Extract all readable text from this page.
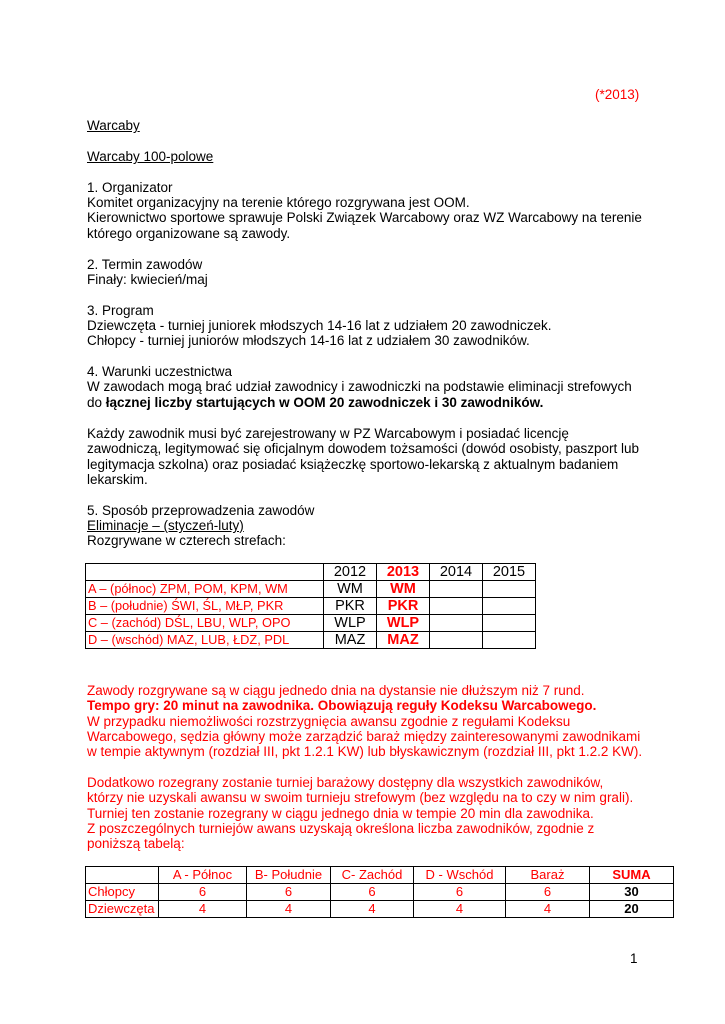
(*2013)
Warcaby
Warcaby 100-polowe
1. Organizator
Komitet organizacyjny na terenie którego rozgrywana jest OOM.
Kierownictwo sportowe sprawuje Polski Związek Warcabowy oraz WZ Warcabowy na terenie
którego organizowane są zawody.
2. Termin zawodów
Finały: kwiecień/maj
3. Program
Dziewczęta - turniej juniorek młodszych 14-16 lat z udziałem 20 zawodniczek.
Chłopcy - turniej juniorów młodszych 14-16 lat z udziałem 30 zawodników.
4. Warunki uczestnictwa
W zawodach mogą brać udział zawodnicy i zawodniczki na podstawie eliminacji strefowych
do łącznej liczby startujących w OOM 20 zawodniczek i 30 zawodników.
Każdy zawodnik musi być zarejestrowany w PZ Warcabowym i posiadać licencję
zawodniczą, legitymować się oficjalnym dowodem tożsamości (dowód osobisty, paszport lub
legitymacja szkolna) oraz posiadać książeczkę sportowo-lekarską z aktualnym badaniem
lekarskim.
5. Sposób przeprowadzenia zawodów
Eliminacje – (styczeń-luty)
Rozgrywane w czterech strefach:
	2012	2013	2014	2015
A – (północ) ZPM, POM, KPM, WM	WM	WM		
B – (południe) ŚWI, ŚL, MŁP, PKR	PKR	PKR		
C – (zachód) DŚL, LBU, WLP, OPO	WLP	WLP		
D – (wschód) MAZ, LUB, ŁDZ, PDL	MAZ	MAZ		
Zawody rozgrywane są w ciągu jednedo dnia na dystansie nie dłuższym niż 7 rund.
Tempo gry: 20 minut na zawodnika. Obowiązują reguły Kodeksu Warcabowego.
W przypadku niemożliwości rozstrzygnięcia awansu zgodnie z regułami Kodeksu
Warcabowego, sędzia główny może zarządzić baraż między zainteresowanymi zawodnikami
w tempie aktywnym (rozdział III, pkt 1.2.1 KW) lub błyskawicznym (rozdział III, pkt 1.2.2 KW).
Dodatkowo rozegrany zostanie turniej barażowy dostępny dla wszystkich zawodników,
którzy nie uzyskali awansu w swoim turnieju strefowym (bez względu na to czy w nim grali).
Turniej ten zostanie rozegrany w ciągu jednego dnia w tempie 20 min dla zawodnika.
Z poszczególnych turniejów awans uzyskają określona liczba zawodników, zgodnie z
poniższą tabelą:
	A - Północ	B- Południe	C- Zachód	D - Wschód	Baraż	SUMA
Chłopcy	6	6	6	6	6	30
Dziewczęta	4	4	4	4	4	20
1
